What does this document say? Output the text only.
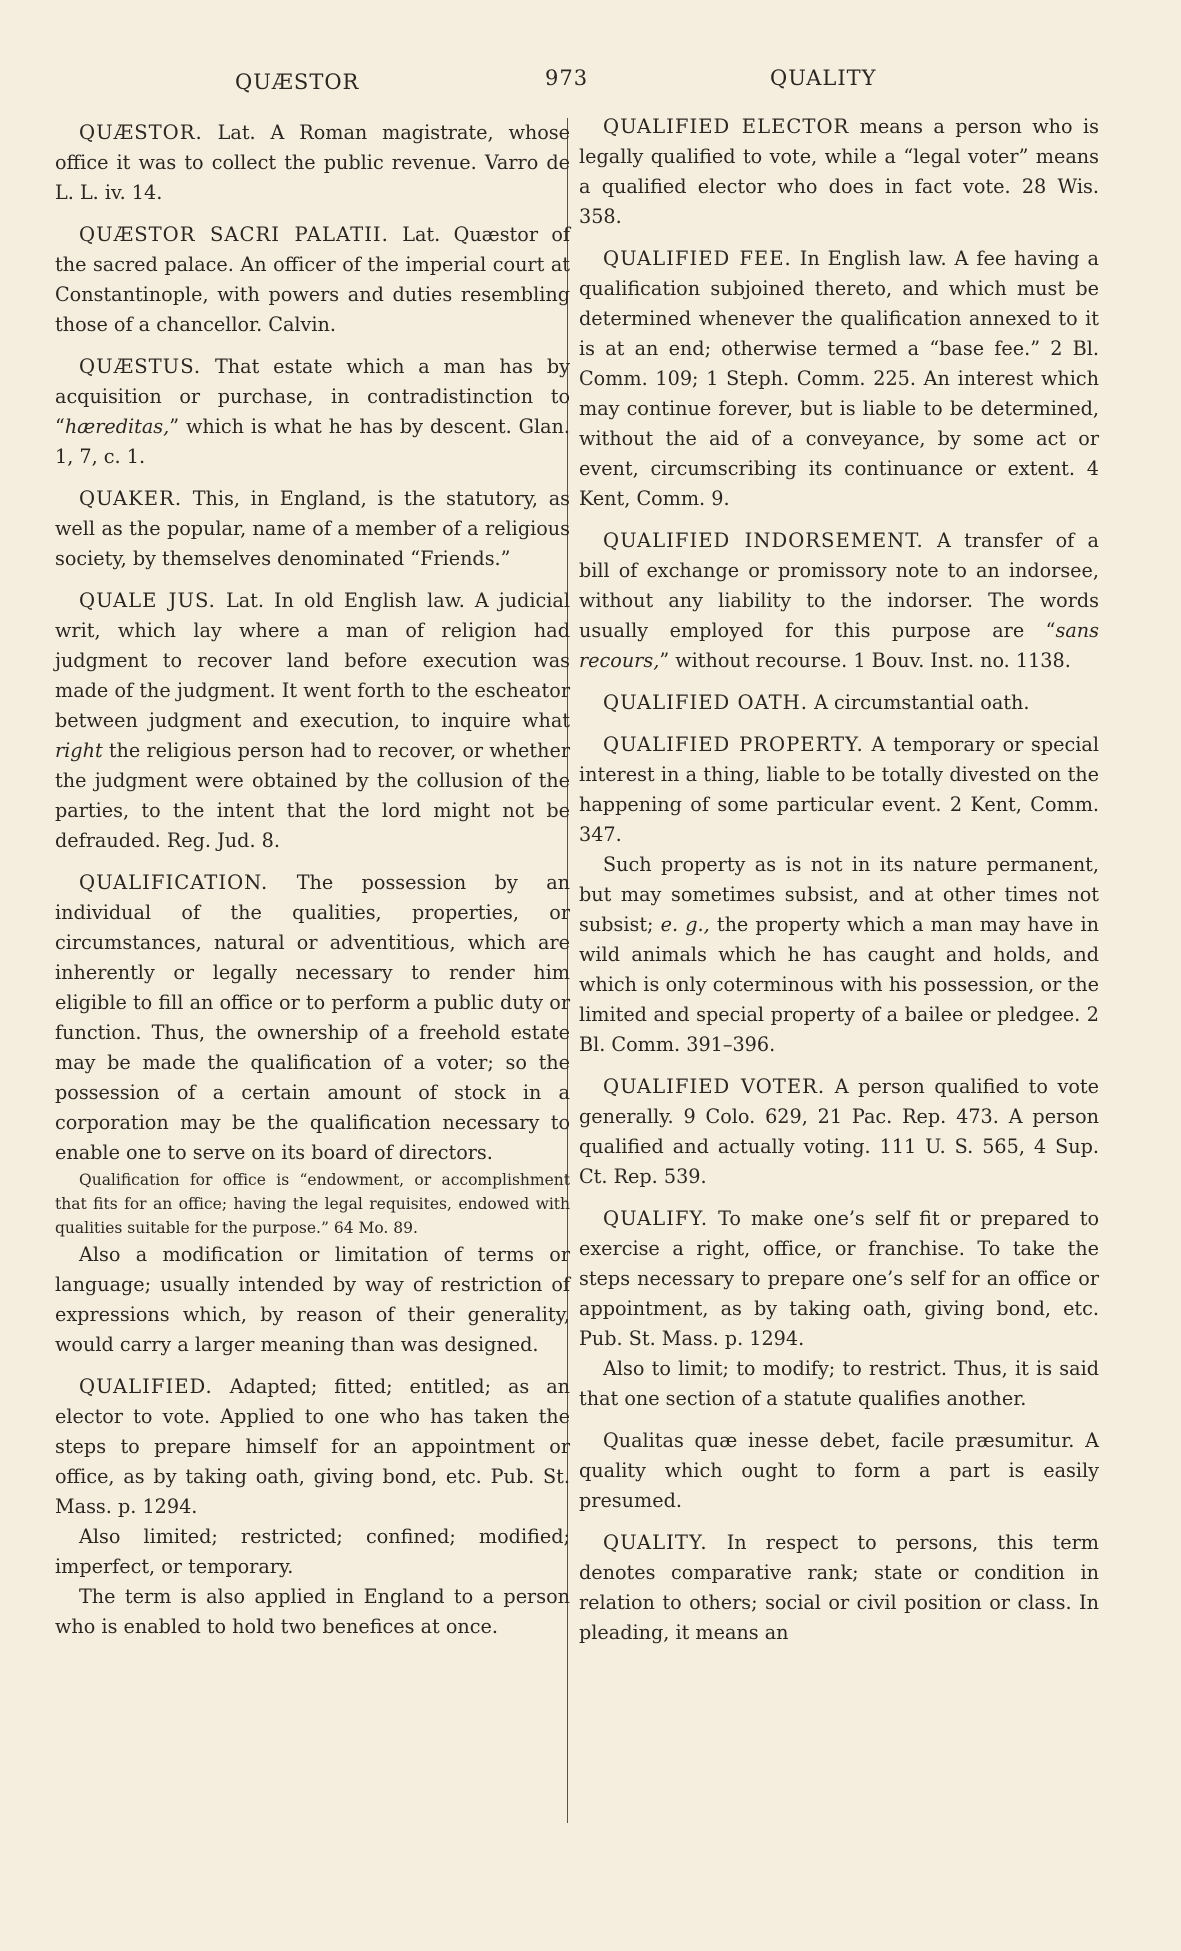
QUÆSTOR	973	QUALITY

QUÆSTOR. Lat. A Roman magistrate, whose office it was to collect the public revenue. Varro de L. L. iv. 14.

QUÆSTOR SACRI PALATII. Lat. Quæstor of the sacred palace. An officer of the imperial court at Constantinople, with powers and duties resembling those of a chancellor. Calvin.

QUÆSTUS. That estate which a man has by acquisition or purchase, in contradistinction to “hæreditas,” which is what he has by descent. Glan. 1, 7, c. 1.

QUAKER. This, in England, is the statutory, as well as the popular, name of a member of a religious society, by themselves denominated “Friends.”

QUALE JUS. Lat. In old English law. A judicial writ, which lay where a man of religion had judgment to recover land before execution was made of the judgment. It went forth to the escheator between judgment and execution, to inquire what right the religious person had to recover, or whether the judgment were obtained by the collusion of the parties, to the intent that the lord might not be defrauded. Reg. Jud. 8.

QUALIFICATION. The possession by an individual of the qualities, properties, or circumstances, natural or adventitious, which are inherently or legally necessary to render him eligible to fill an office or to perform a public duty or function. Thus, the ownership of a freehold estate may be made the qualification of a voter; so the possession of a certain amount of stock in a corporation may be the qualification necessary to enable one to serve on its board of directors.

Qualification for office is “endowment, or accomplishment that fits for an office; having the legal requisites, endowed with qualities suitable for the purpose.” 64 Mo. 89.

Also a modification or limitation of terms or language; usually intended by way of restriction of expressions which, by reason of their generality, would carry a larger meaning than was designed.

QUALIFIED. Adapted; fitted; entitled; as an elector to vote. Applied to one who has taken the steps to prepare himself for an appointment or office, as by taking oath, giving bond, etc. Pub. St. Mass. p. 1294.

Also limited; restricted; confined; modified; imperfect, or temporary.

The term is also applied in England to a person who is enabled to hold two benefices at once.

QUALIFIED ELECTOR means a person who is legally qualified to vote, while a “legal voter” means a qualified elector who does in fact vote. 28 Wis. 358.

QUALIFIED FEE. In English law. A fee having a qualification subjoined thereto, and which must be determined whenever the qualification annexed to it is at an end; otherwise termed a “base fee.” 2 Bl. Comm. 109; 1 Steph. Comm. 225. An interest which may continue forever, but is liable to be determined, without the aid of a conveyance, by some act or event, circumscribing its continuance or extent. 4 Kent, Comm. 9.

QUALIFIED INDORSEMENT. A transfer of a bill of exchange or promissory note to an indorsee, without any liability to the indorser. The words usually employed for this purpose are “sans recours,” without recourse. 1 Bouv. Inst. no. 1138.

QUALIFIED OATH. A circumstantial oath.

QUALIFIED PROPERTY. A temporary or special interest in a thing, liable to be totally divested on the happening of some particular event. 2 Kent, Comm. 347.

Such property as is not in its nature permanent, but may sometimes subsist, and at other times not subsist; e. g., the property which a man may have in wild animals which he has caught and holds, and which is only coterminous with his possession, or the limited and special property of a bailee or pledgee. 2 Bl. Comm. 391–396.

QUALIFIED VOTER. A person qualified to vote generally. 9 Colo. 629, 21 Pac. Rep. 473. A person qualified and actually voting. 111 U. S. 565, 4 Sup. Ct. Rep. 539.

QUALIFY. To make one’s self fit or prepared to exercise a right, office, or franchise. To take the steps necessary to prepare one’s self for an office or appointment, as by taking oath, giving bond, etc. Pub. St. Mass. p. 1294.

Also to limit; to modify; to restrict. Thus, it is said that one section of a statute qualifies another.

Qualitas quæ inesse debet, facile præsumitur. A quality which ought to form a part is easily presumed.

QUALITY. In respect to persons, this term denotes comparative rank; state or condition in relation to others; social or civil position or class. In pleading, it means an
